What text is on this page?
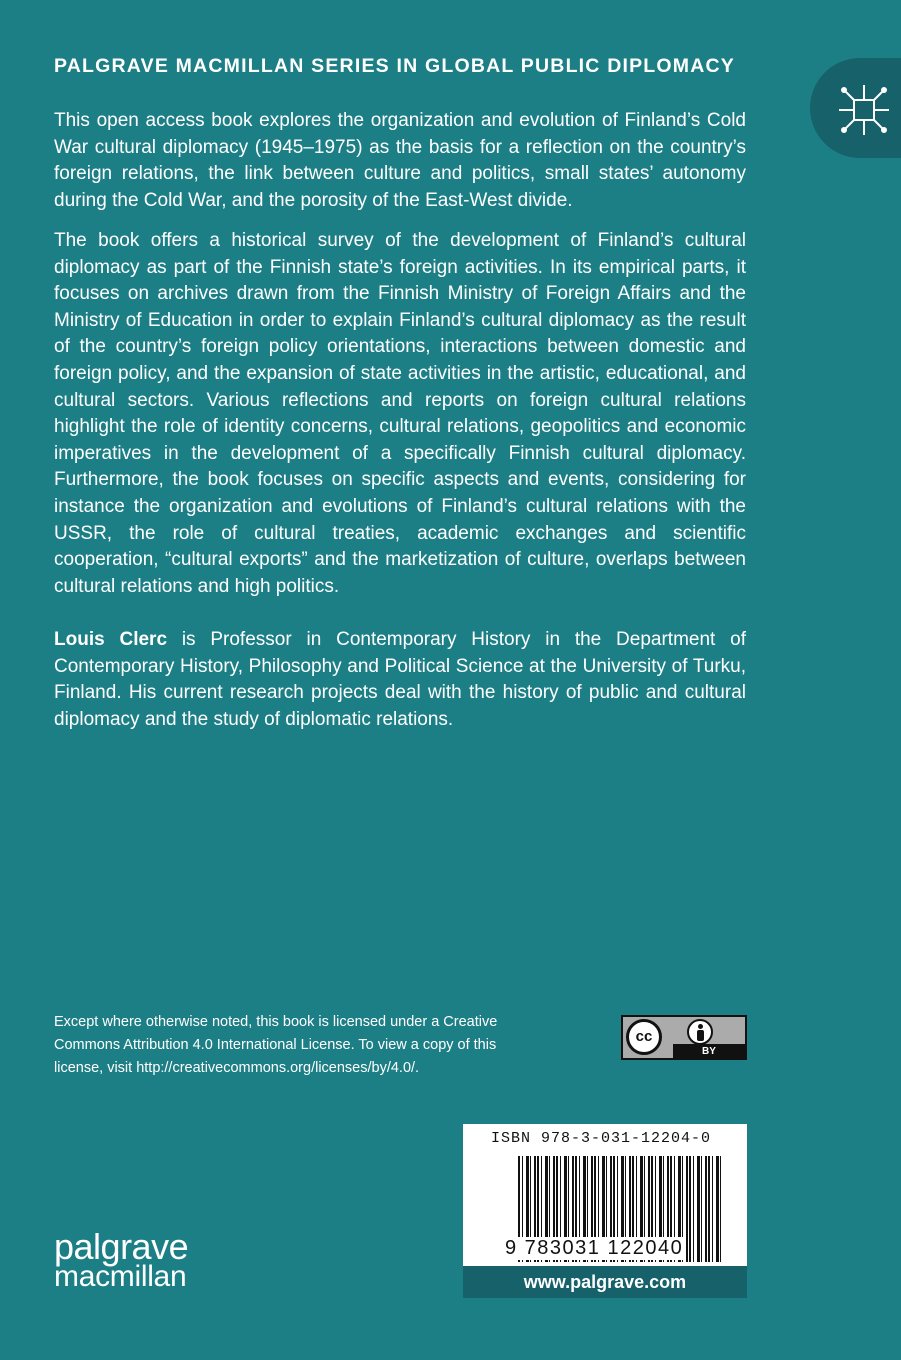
PALGRAVE MACMILLAN SERIES IN GLOBAL PUBLIC DIPLOMACY

This open access book explores the organization and evolution of Finland’s Cold War cultural diplomacy (1945–1975) as the basis for a reflection on the country’s foreign relations, the link between culture and politics, small states’ autonomy during the Cold War, and the porosity of the East-West divide.

The book offers a historical survey of the development of Finland’s cultural diplomacy as part of the Finnish state’s foreign activities. In its empirical parts, it focuses on archives drawn from the Finnish Ministry of Foreign Affairs and the Ministry of Education in order to explain Finland’s cultural diplomacy as the result of the country’s foreign policy orientations, interactions between domestic and foreign policy, and the expansion of state activities in the artistic, educational, and cultural sectors. Various reflections and reports on foreign cultural relations highlight the role of identity concerns, cultural relations, geopolitics and economic imperatives in the development of a specifically Finnish cultural diplomacy. Furthermore, the book focuses on specific aspects and events, considering for instance the organization and evolutions of Finland’s cultural relations with the USSR, the role of cultural treaties, academic exchanges and scientific cooperation, “cultural exports” and the marketization of culture, overlaps between cultural relations and high politics.

Louis Clerc is Professor in Contemporary History in the Department of Contemporary History, Philosophy and Political Science at the University of Turku, Finland. His current research projects deal with the history of public and cultural diplomacy and the study of diplomatic relations.

Except where otherwise noted, this book is licensed under a Creative Commons Attribution 4.0 International License. To view a copy of this license, visit http://creativecommons.org/licenses/by/4.0/.
cc
BY
ISBN 978-3-031-12204-0
9 783031 122040
www.palgrave.com
palgrave
macmillan
